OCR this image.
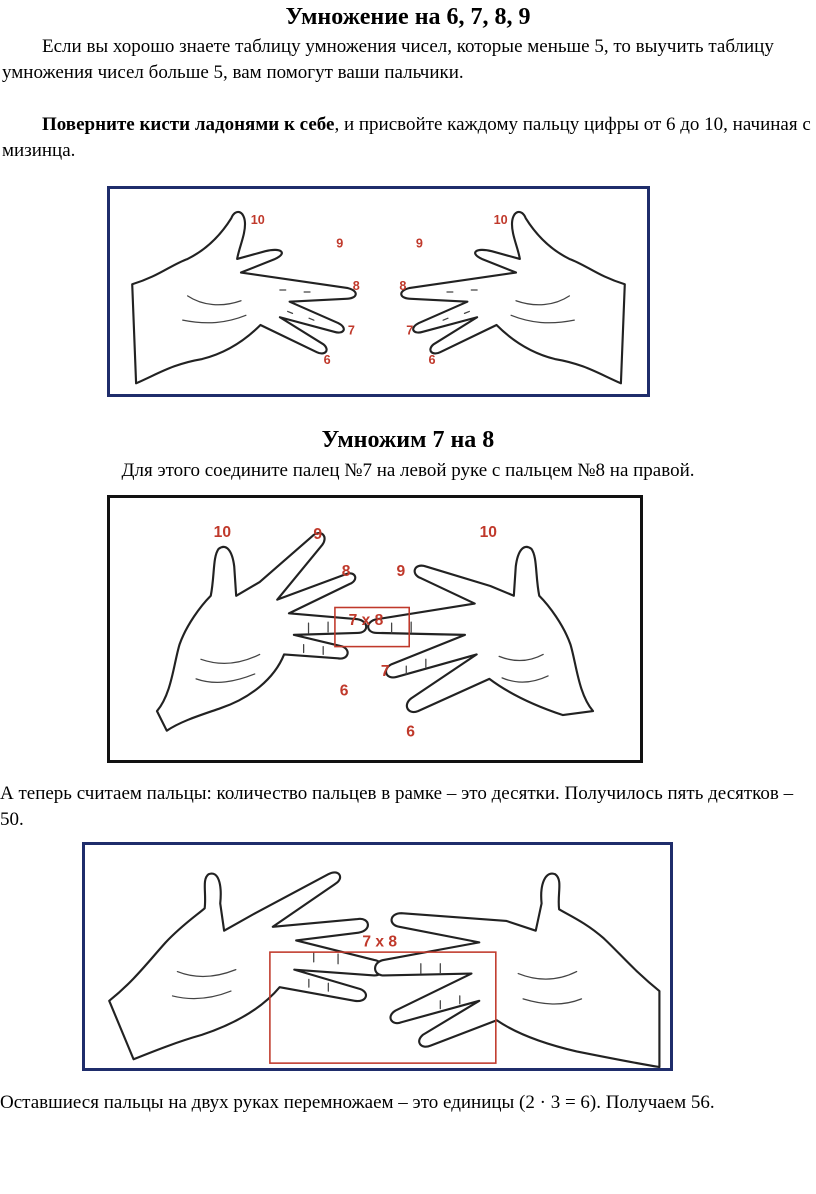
Умножение на 6, 7, 8, 9

Если вы хорошо знаете таблицу умножения чисел, которые меньше 5, то выучить таблицу умножения чисел больше 5, вам помогут ваши пальчики.

Поверните кисти ладонями к себе, и присвойте каждому пальцу цифры от 6 до 10, начиная с мизинца.

10
9
8
7
6
10
9
8
7
6
Умножим 7 на 8

Для этого соедините палец №7 на левой руке с пальцем №8 на правой.

7 x 8
10	9
8
6
10
9
7
6

А теперь считаем пальцы: количество пальцев в рамке – это десятки. Получилось пять десятков – 50.

7 x 8

Оставшиеся пальцы на двух руках перемножаем – это единицы (2 · 3 = 6). Получаем 56.
